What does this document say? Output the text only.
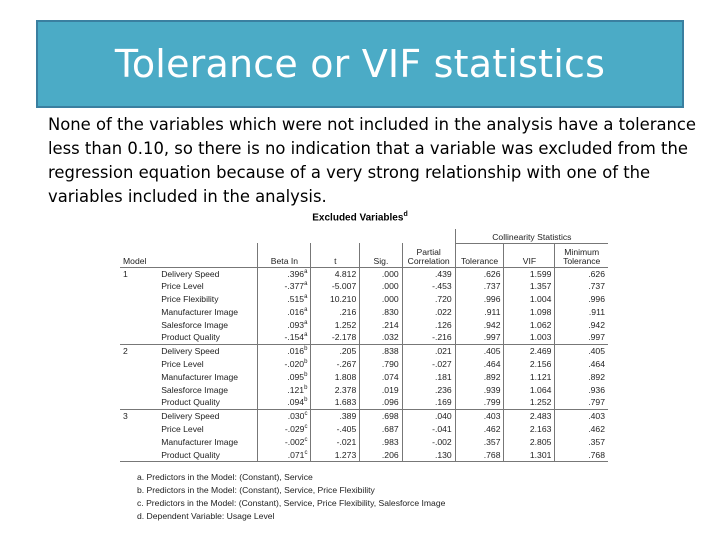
Tolerance or VIF statistics

None of the variables which were not included in the analysis have a tolerance less than 0.10, so there is no indication that a variable was excluded from the regression equation because of a very strong relationship with one of the variables included in the analysis.

Excluded Variables$^d$
						Collinearity Statistics		
Model		Beta In	t	Sig.	Partial Correlation	Tolerance	VIF	Minimum Tolerance
1	Delivery Speed	.396$^a$	4.812	.000	.439	.626	1.599	.626
	Price Level	-.377$^a$	-5.007	.000	-.453	.737	1.357	.737
	Price Flexibility	.515$^a$	10.210	.000	.720	.996	1.004	.996
	Manufacturer Image	.016$^a$	.216	.830	.022	.911	1.098	.911
	Salesforce Image	.093$^a$	1.252	.214	.126	.942	1.062	.942
	Product Quality	-.154$^a$	-2.178	.032	-.216	.997	1.003	.997
2	Delivery Speed	.016$^b$	.205	.838	.021	.405	2.469	.405
	Price Level	-.020$^b$	-.267	.790	-.027	.464	2.156	.464
	Manufacturer Image	.095$^b$	1.808	.074	.181	.892	1.121	.892
	Salesforce Image	.121$^b$	2.378	.019	.236	.939	1.064	.936
	Product Quality	.094$^b$	1.683	.096	.169	.799	1.252	.797
3	Delivery Speed	.030$^c$	.389	.698	.040	.403	2.483	.403
	Price Level	-.029$^c$	-.405	.687	-.041	.462	2.163	.462
	Manufacturer Image	-.002$^c$	-.021	.983	-.002	.357	2.805	.357
	Product Quality	.071$^c$	1.273	.206	.130	.768	1.301	.768
a. Predictors in the Model: (Constant), Service
b. Predictors in the Model: (Constant), Service, Price Flexibility
c. Predictors in the Model: (Constant), Service, Price Flexibility, Salesforce Image
d. Dependent Variable: Usage Level
